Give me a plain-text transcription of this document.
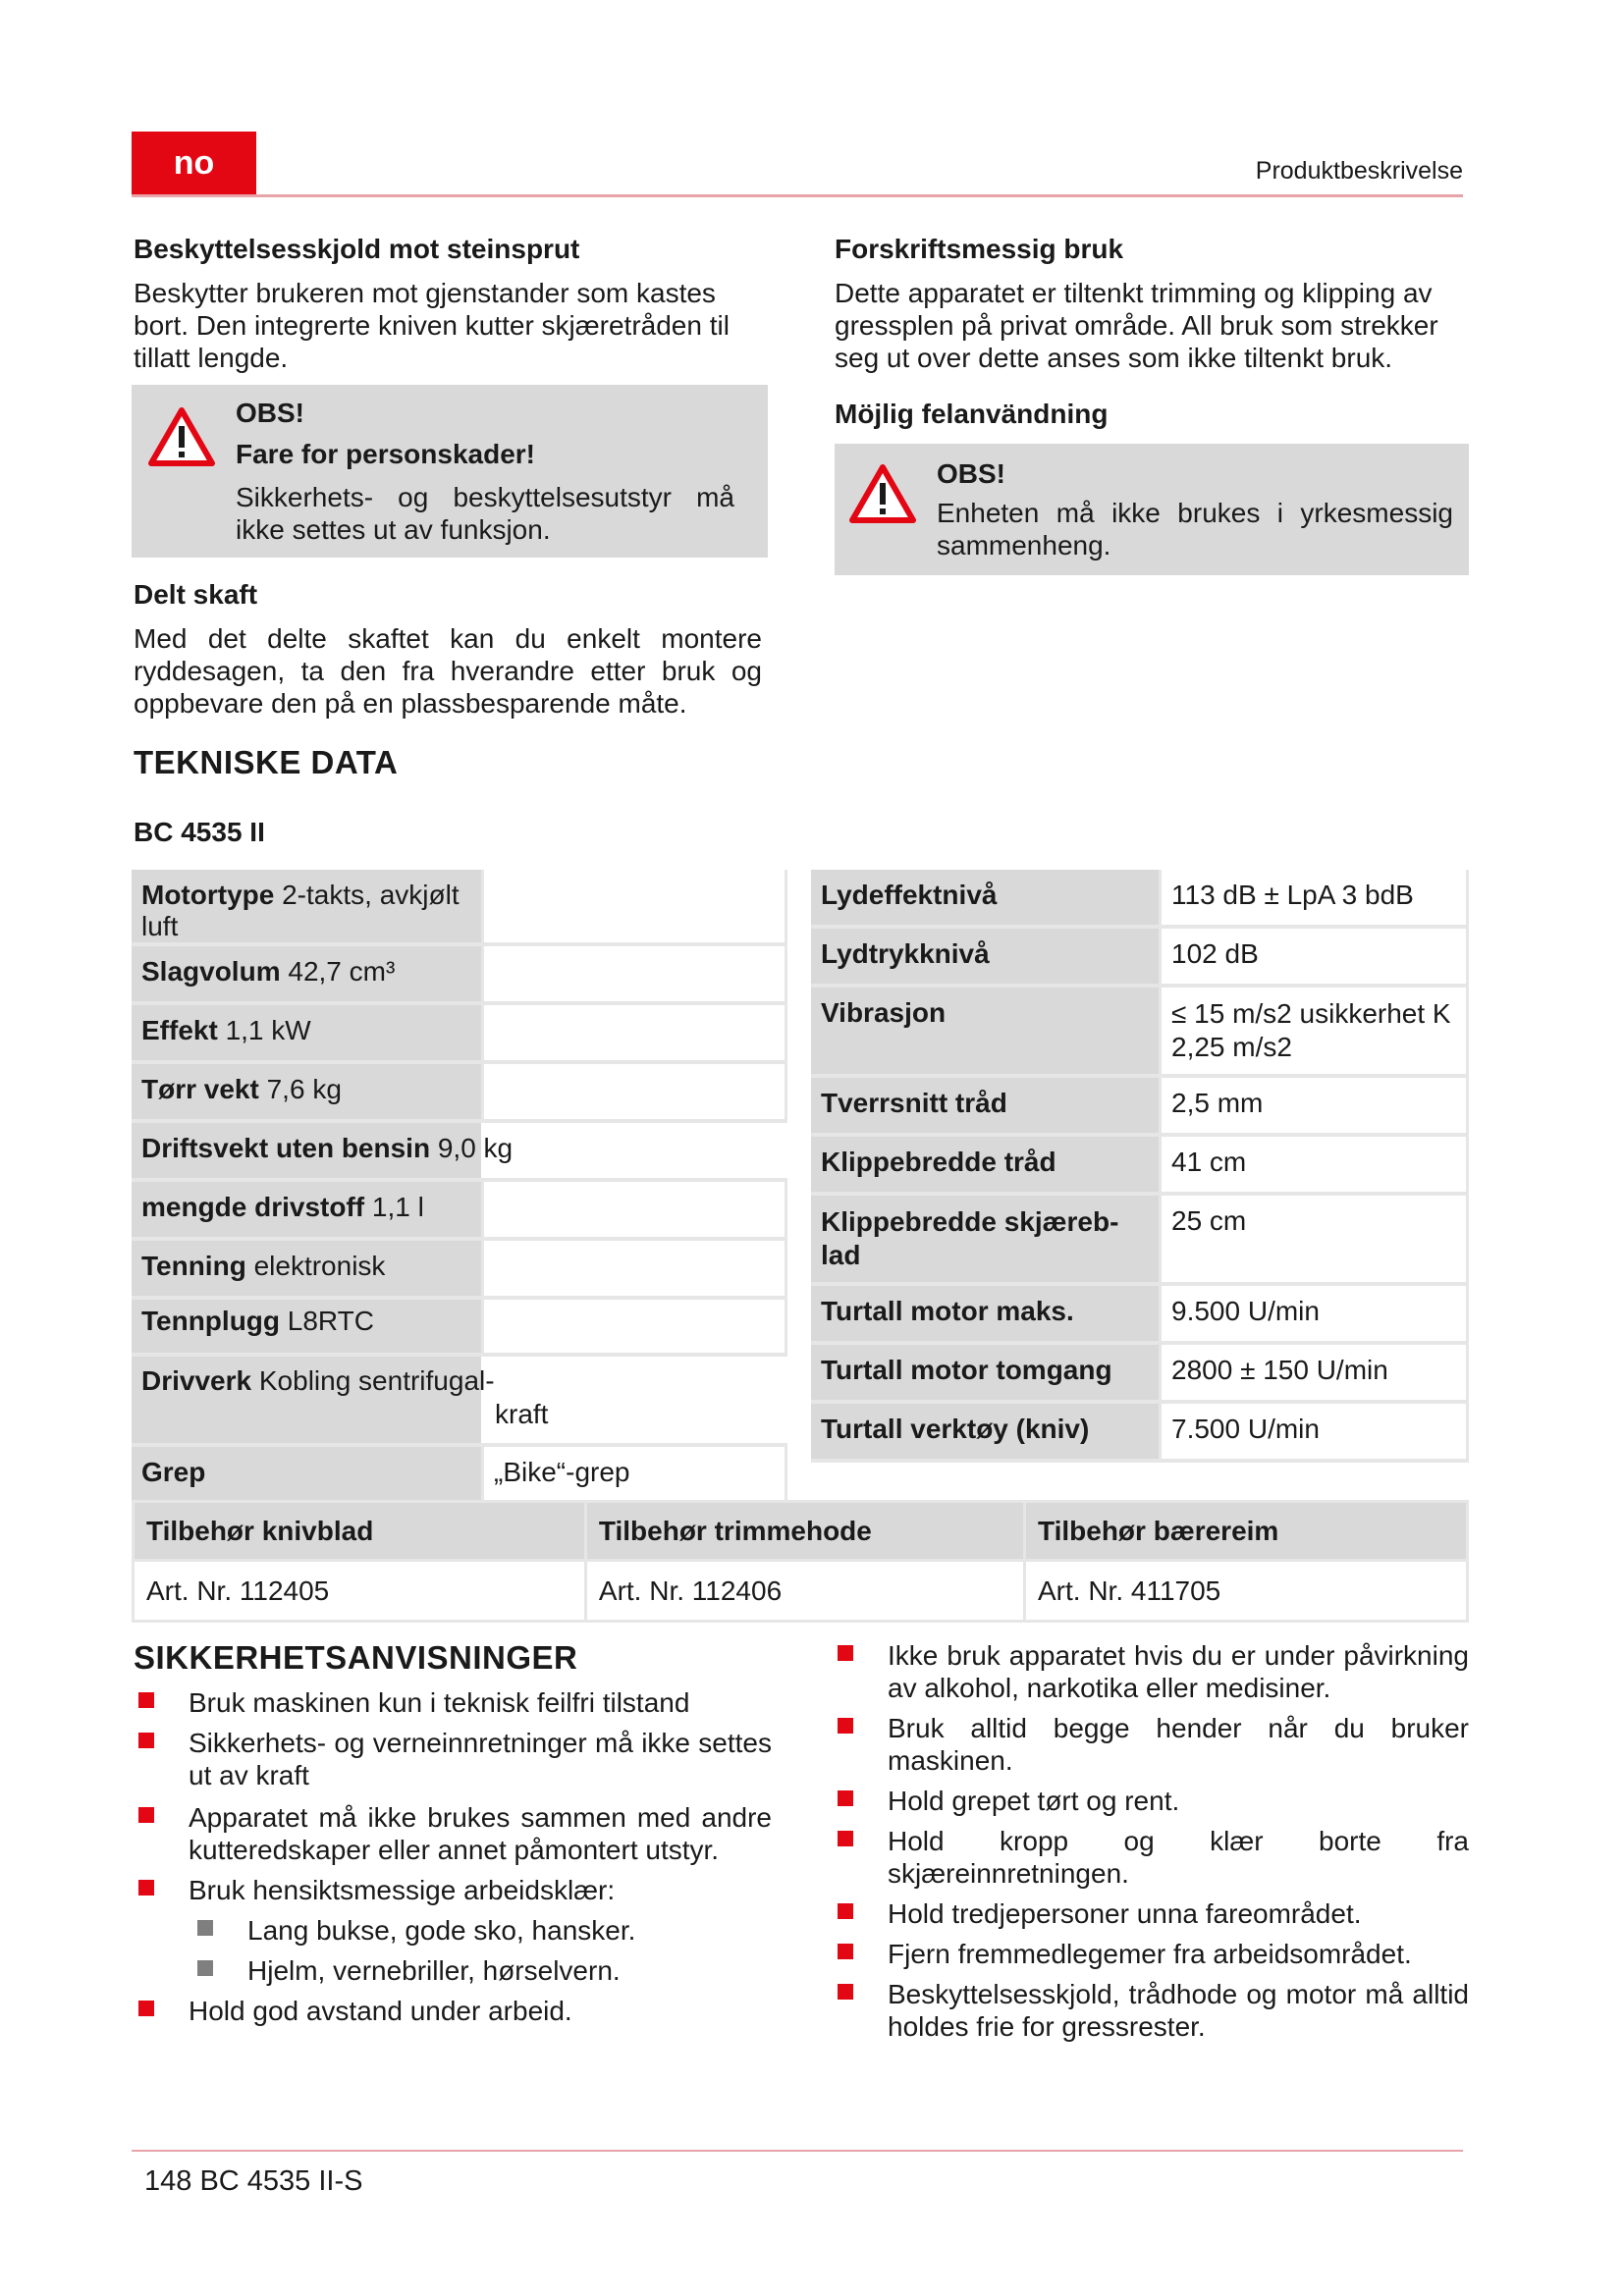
no	Produktbeskrivelse
Beskyttelsesskjold mot steinsprut
Beskytter brukeren mot gjenstander som kastes bort. Den integrerte kniven kutter skjæretråden til tillatt lengde.
OBS!
Fare for personskader!
Sikkerhets- og beskyttelsesutstyr må ikke settes ut av funksjon.
Delt skaft
Med det delte skaftet kan du enkelt montere ryddesagen, ta den fra hverandre etter bruk og oppbevare den på en plassbesparende måte.
Forskriftsmessig bruk
Dette apparatet er tiltenkt trimming og klipping av gressplen på privat område. All bruk som strekker seg ut over dette anses som ikke tiltenkt bruk.
Möjlig felanvändning
OBS!
Enheten må ikke brukes i yrkesmessig sammenheng.
TEKNISKE DATA
BC 4535 II
Motortype 2-takts, avkjølt luft	
Slagvolum 42,7 cm³	
Effekt 1,1 kW	
Tørr vekt 7,6 kg	
Driftsvekt uten bensin 9,0 kg	
mengde drivstoff 1,1 l	
Tenning elektronisk	
Tennplugg L8RTC	
Drivverk Kobling sentrifugal-
kraft	
Grep	„Bike“-grep
Lydeffektnivå	113 dB ± LpA 3 bdB
Lydtrykknivå	102 dB
Vibrasjon	≤ 15 m/s2 usikkerhet K 2,25 m/s2
Tverrsnitt tråd	2,5 mm
Klippebredde tråd	41 cm
Klippebredde skjæreb-lad	25 cm
Turtall motor maks.	9.500 U/min
Turtall motor tomgang	2800 ± 150 U/min
Turtall verktøy (kniv)	7.500 U/min
Tilbehør knivblad	Tilbehør trimmehode	Tilbehør bærereim
Art. Nr. 112405	Art. Nr. 112406	Art. Nr. 411705
SIKKERHETSANVISNINGER
Bruk maskinen kun i teknisk feilfri tilstand
Sikkerhets- og verneinnretninger må ikke settes ut av kraft
Apparatet må ikke brukes sammen med andre kutteredskaper eller annet påmontert utstyr.
Bruk hensiktsmessige arbeidsklær:
Lang bukse, gode sko, hansker.
Hjelm, vernebriller, hørselvern.
Hold god avstand under arbeid.
Ikke bruk apparatet hvis du er under påvirkning av alkohol, narkotika eller medisiner.
Bruk alltid begge hender når du bruker maskinen.
Hold grepet tørt og rent.
Hold kropp og klær borte fra skjæreinnretningen.
Hold tredjepersoner unna fareområdet.
Fjern fremmedlegemer fra arbeidsområdet.
Beskyttelsesskjold, trådhode og motor må alltid holdes frie for gressrester.
148 BC 4535 II-S
